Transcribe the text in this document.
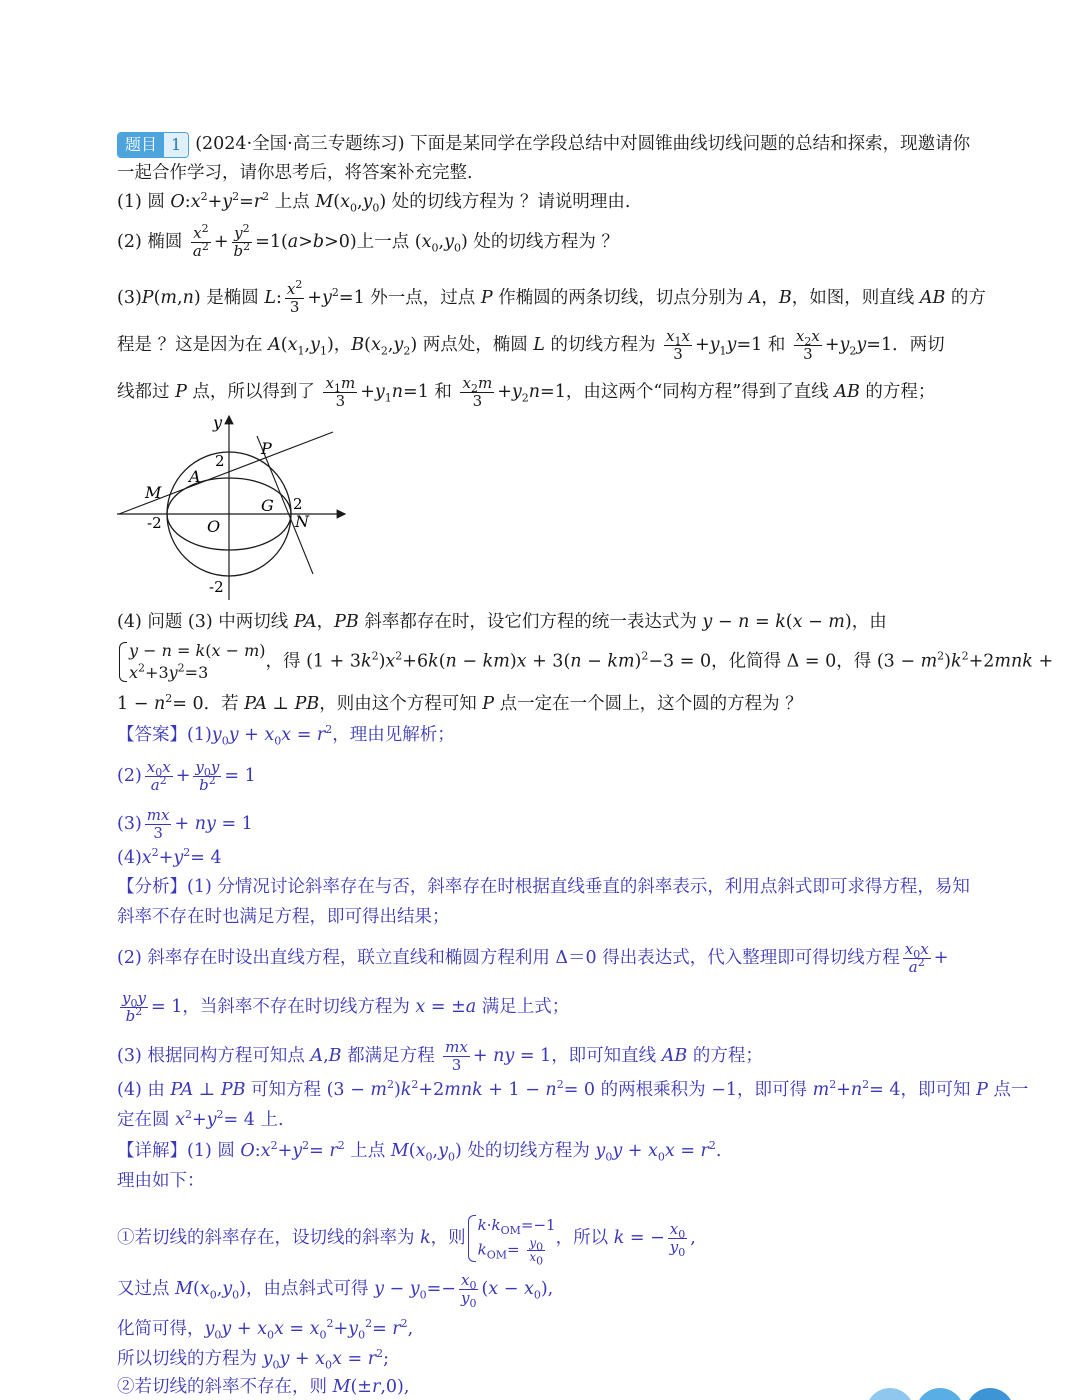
题目 1 (2024·全国·高三专题练习) 下面是某同学在学段总结中对圆锥曲线切线问题的总结和探索，现邀请你
一起合作学习，请你思考后，将答案补充完整.
(1) 圆 $O:x^2+y^2=r^2$ 上点 $M(x_0,y_0)$ 处的切线方程为 ？请说明理由.
(2) 椭圆 $\frac{x^2}{a^2} + \frac{y^2}{b^2} =1(a>b>0)$上一点 $(x_0,y_0)$ 处的切线方程为 ？
(3)P(m,n) 是椭圆 L: $\frac{x^2}{3} +y^2=1$ 外一点，过点 P 作椭圆的两条切线，切点分别为 A，B，如图，则直线 AB 的方
程是 ？这是因为在 $A(x_1,y_1)$，$B(x_2,y_2)$ 两点处，椭圆 L 的切线方程为 $\frac{x_1x}{3} +y_1y=1$ 和 $\frac{x_2x}{3} +y_2y=1$．两切
线都过 P 点，所以得到了 $\frac{x_1m}{3} +y_1n=1$ 和 $\frac{x_2m}{3} +y_2n=1$，由这两个“同构方程”得到了直线 AB 的方程；
y
P
2
A
M
G 2
N
-2	O
-2
(4) 问题 (3) 中两切线 PA，PB 斜率都存在时，设它们方程的统一表达式为 y − n = k(x − m)，由
y − n = k(x − m)
$x^2+3y^2=3$，得 $(1 + 3k^2)x^2+6k(n - km)x + 3(n - km)^2-3 = 0$，化简得 Δ = 0，得 $(3 - m^2)k^2+2mnk$ +
$1 - n^2= 0$．若 PA ⊥ PB，则由这个方程可知 P 点一定在一个圆上，这个圆的方程为 ？
【答案】$(1)y_0y + x_0x = r^2$，理由见解析；
$(2) \frac{x_0x}{a^2} + \frac{y_0y}{b^2} = 1$
$(3) \frac{mx}{3}$ + ny = 1
$(4)x^2+y^2= 4$
【分析】(1) 分情况讨论斜率存在与否，斜率存在时根据直线垂直的斜率表示，利用点斜式即可求得方程，易知
斜率不存在时也满足方程，即可得出结果；
(2) 斜率存在时设出直线方程，联立直线和椭圆方程利用 Δ＝0 得出表达式，代入整理即可得切线方程 $\frac{x_0x}{a^2}$ +
$\frac{y_0y}{b^2} = 1$，当斜率不存在时切线方程为 x = ±a 满足上式；
(3) 根据同构方程可知点 A,B 都满足方程 $\frac{mx}{3}$ + ny = 1，即可知直线 AB 的方程；
(4) 由 PA ⊥ PB 可知方程 $(3 - m^2)k^2+2mnk + 1 - n^2= 0$ 的两根乘积为 −1，即可得 $m^2+n^2= 4$，即可知 P 点一
定在圆 $x^2+y^2= 4$ 上.
【详解】(1) 圆 $O:x^2+y^2= r^2$ 上点 $M(x_0,y_0)$ 处的切线方程为 $y_0y + x_0x = r^2$.
理由如下：
①若切线的斜率存在，设切线的斜率为 k，则$k\cdot k_{OM}=-1$
$k_{OM}= \frac{y_0}{x_0}$ ，所以 k = − $\frac{x_0}{y_0}$ ,
又过点 $M(x_0,y_0)$，由点斜式可得 $y - y_0=- \frac{x_0}{y_0} (x - x_0)$,
化简可得，$y_0y + x_0x = x_0^2+y_0^2= r^2$,
所以切线的方程为 $y_0y + x_0x = r^2$;
②若切线的斜率不存在，则 M(±r,0),
